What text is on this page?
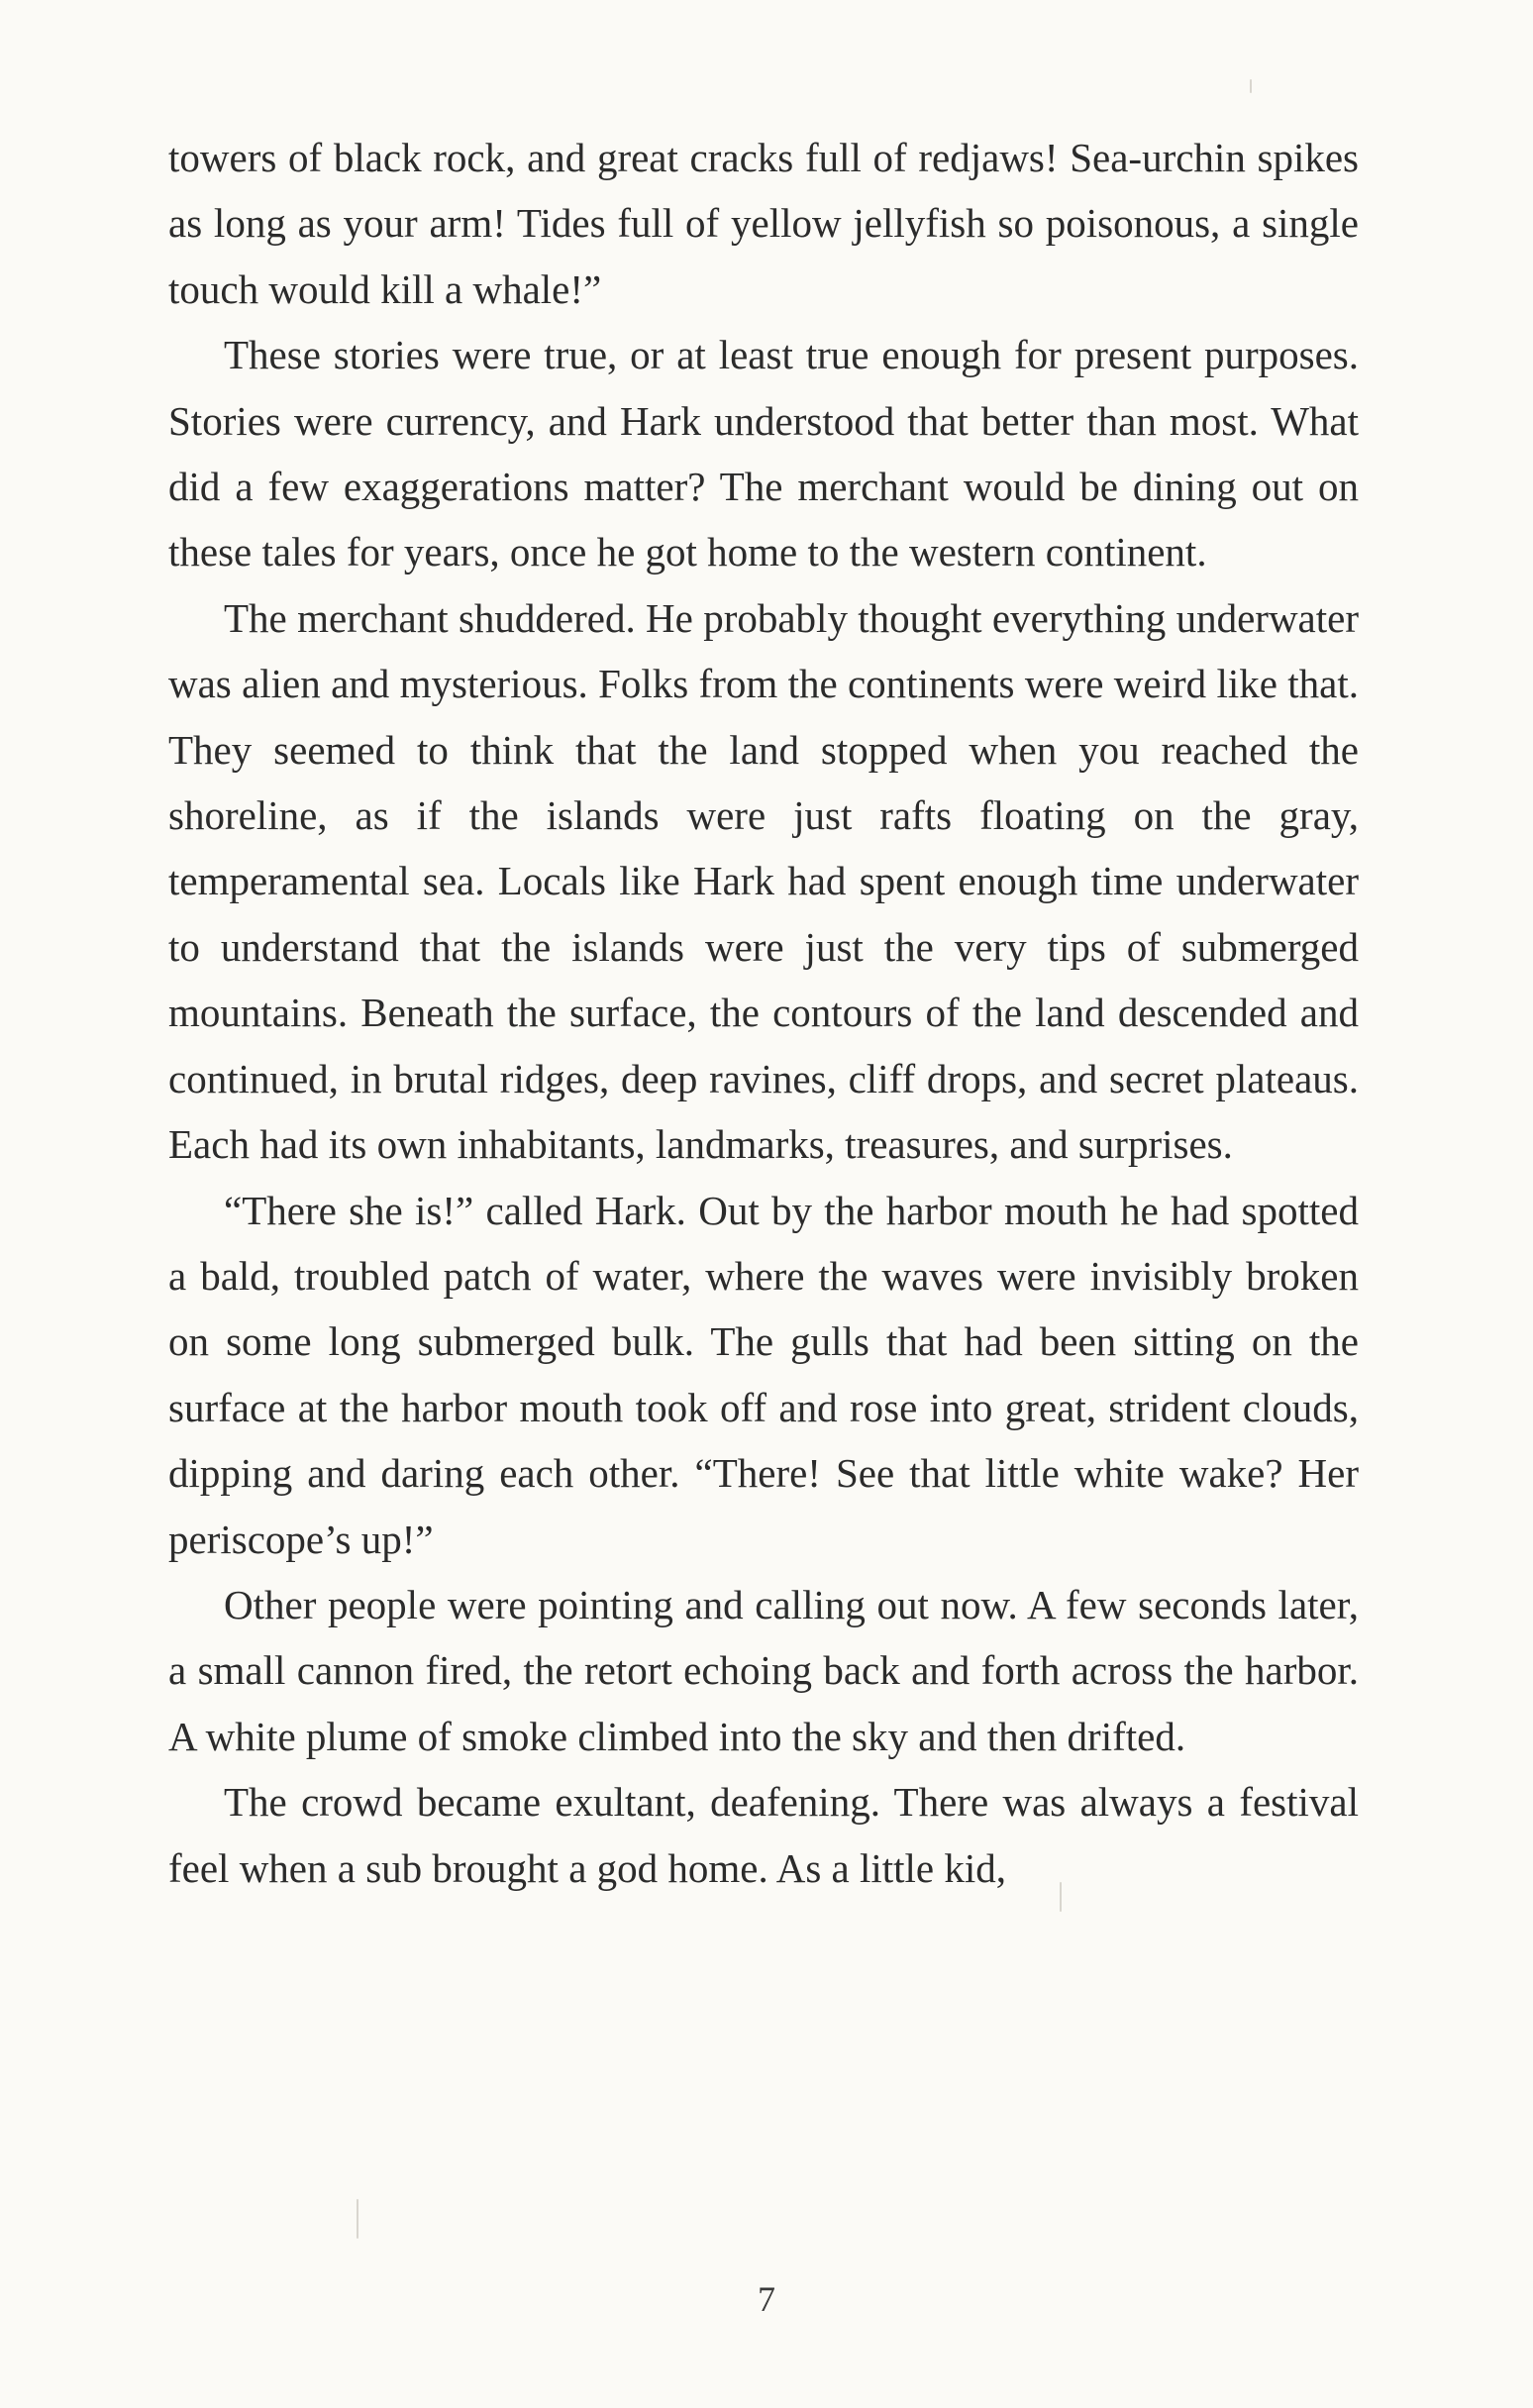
towers of black rock, and great cracks full of redjaws! Sea-urchin spikes as long as your arm! Tides full of yellow jellyfish so poisonous, a single touch would kill a whale!”

These stories were true, or at least true enough for present purposes. Stories were currency, and Hark understood that better than most. What did a few exaggerations matter? The merchant would be dining out on these tales for years, once he got home to the western continent.

The merchant shuddered. He probably thought everything underwater was alien and mysterious. Folks from the continents were weird like that. They seemed to think that the land stopped when you reached the shoreline, as if the islands were just rafts floating on the gray, temperamental sea. Locals like Hark had spent enough time underwater to understand that the islands were just the very tips of submerged mountains. Beneath the surface, the contours of the land descended and continued, in brutal ridges, deep ravines, cliff drops, and secret plateaus. Each had its own inhabitants, landmarks, treasures, and surprises.

“There she is!” called Hark. Out by the harbor mouth he had spotted a bald, troubled patch of water, where the waves were invisibly broken on some long submerged bulk. The gulls that had been sitting on the surface at the harbor mouth took off and rose into great, strident clouds, dipping and daring each other. “There! See that little white wake? Her periscope’s up!”

Other people were pointing and calling out now. A few seconds later, a small cannon fired, the retort echoing back and forth across the harbor. A white plume of smoke climbed into the sky and then drifted.

The crowd became exultant, deafening. There was always a festival feel when a sub brought a god home. As a little kid,

7
